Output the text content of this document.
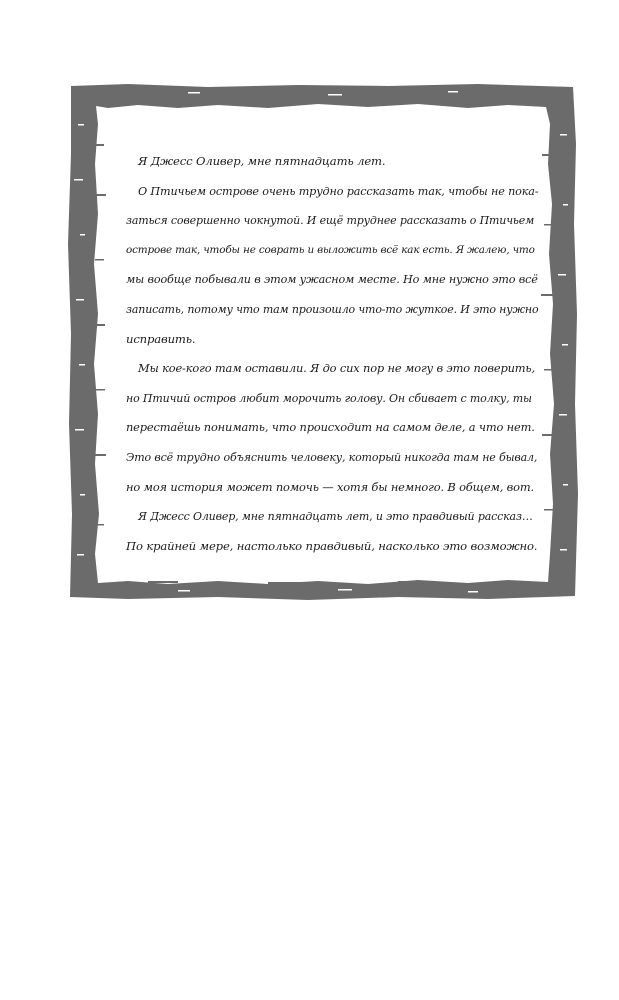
Я Джесс Оливер, мне пятнадцать лет.
О Птичьем острове очень трудно рассказать так, чтобы не пока-
заться совершенно чокнутой. И ещё труднее рассказать о Птичьем
острове так, чтобы не соврать и выложить всё как есть. Я жалею, что
мы вообще побывали в этом ужасном месте. Но мне нужно это всё
записать, потому что там произошло что-то жуткое. И это нужно
исправить.
Мы кое-кого там оставили. Я до сих пор не могу в это поверить,
но Птичий остров любит морочить голову. Он сбивает с толку, ты
перестаёшь понимать, что происходит на самом деле, а что нет.
Это всё трудно объяснить человеку, который никогда там не бывал,
но моя история может помочь — хотя бы немного. В общем, вот.
Я Джесс Оливер, мне пятнадцать лет, и это правдивый рассказ…
По крайней мере, настолько правдивый, насколько это возможно.
